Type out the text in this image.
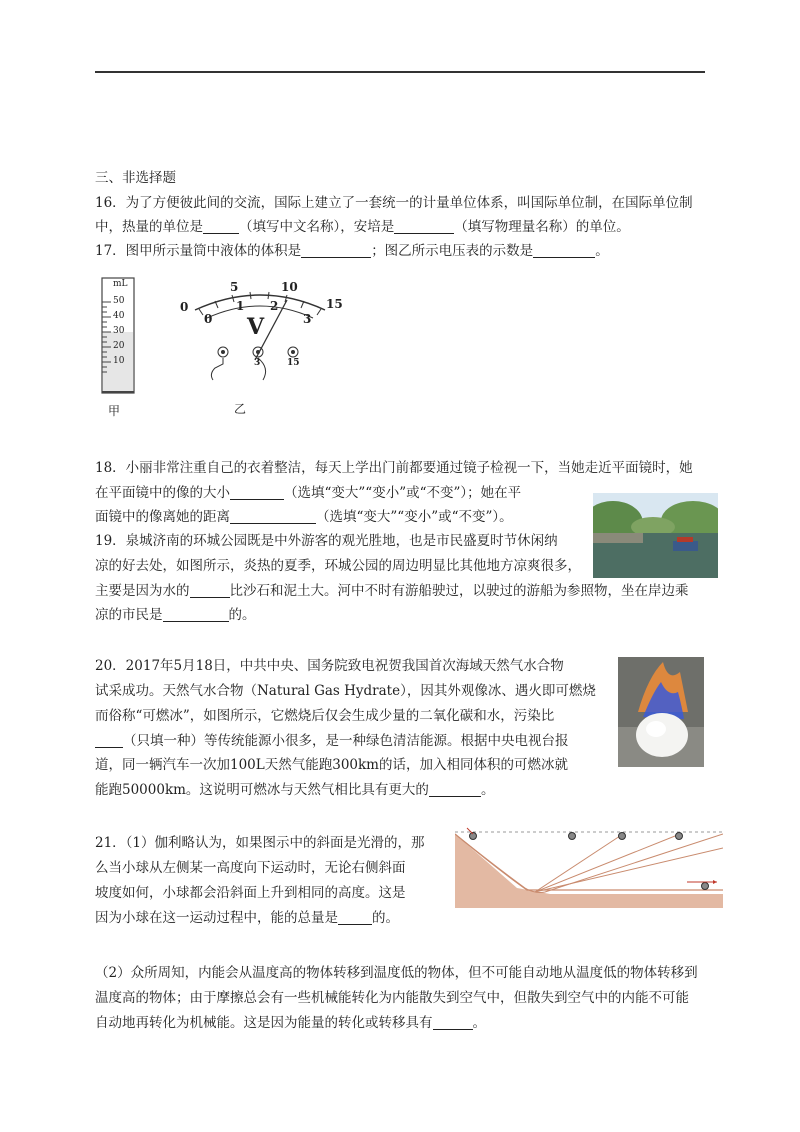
三、非选择题
16．为了方便彼此间的交流，国际上建立了一套统一的计量单位体系，叫国际单位制，在国际单位制
中，热量的单位是	（填写中文名称），安培是	（填写物理量名称）的单位。
17．图甲所示量筒中液体的体积是	；图乙所示电压表的示数是	。
mL
50
40
30
20
10
甲
0
5	10
15
0
1 2
3
V
3	15
乙
18．小丽非常注重自己的衣着整洁，每天上学出门前都要通过镜子检视一下，当她走近平面镜时，她
在平面镜中的像的大小	（选填“变大”“变小”或“不变”）；她在平
面镜中的像离她的距离	（选填“变大”“变小”或“不变”）。
19．泉城济南的环城公园既是中外游客的观光胜地，也是市民盛夏时节休闲纳
凉的好去处，如图所示，炎热的夏季，环城公园的周边明显比其他地方凉爽很多，
主要是因为水的	比沙石和泥土大。河中不时有游船驶过，以驶过的游船为参照物，坐在岸边乘
凉的市民是	的。
20．2017年5月18日，中共中央、国务院致电祝贺我国首次海域天然气水合物
试采成功。天然气水合物（Natural Gas Hydrate），因其外观像冰、遇火即可燃烧
而俗称“可燃冰”，如图所示，它燃烧后仅会生成少量的二氧化碳和水，污染比
（只填一种）等传统能源小很多，是一种绿色清洁能源。根据中央电视台报
道，同一辆汽车一次加100L天然气能跑300km的话，加入相同体积的可燃冰就
能跑50000km。这说明可燃冰与天然气相比具有更大的	。
21．（1）伽利略认为，如果图示中的斜面是光滑的，那
么当小球从左侧某一高度向下运动时，无论右侧斜面
坡度如何，小球都会沿斜面上升到相同的高度。这是
因为小球在这一运动过程中，能的总量是	的。
（2）众所周知，内能会从温度高的物体转移到温度低的物体，但不可能自动地从温度低的物体转移到
温度高的物体；由于摩擦总会有一些机械能转化为内能散失到空气中，但散失到空气中的内能不可能
自动地再转化为机械能。这是因为能量的转化或转移具有	。
